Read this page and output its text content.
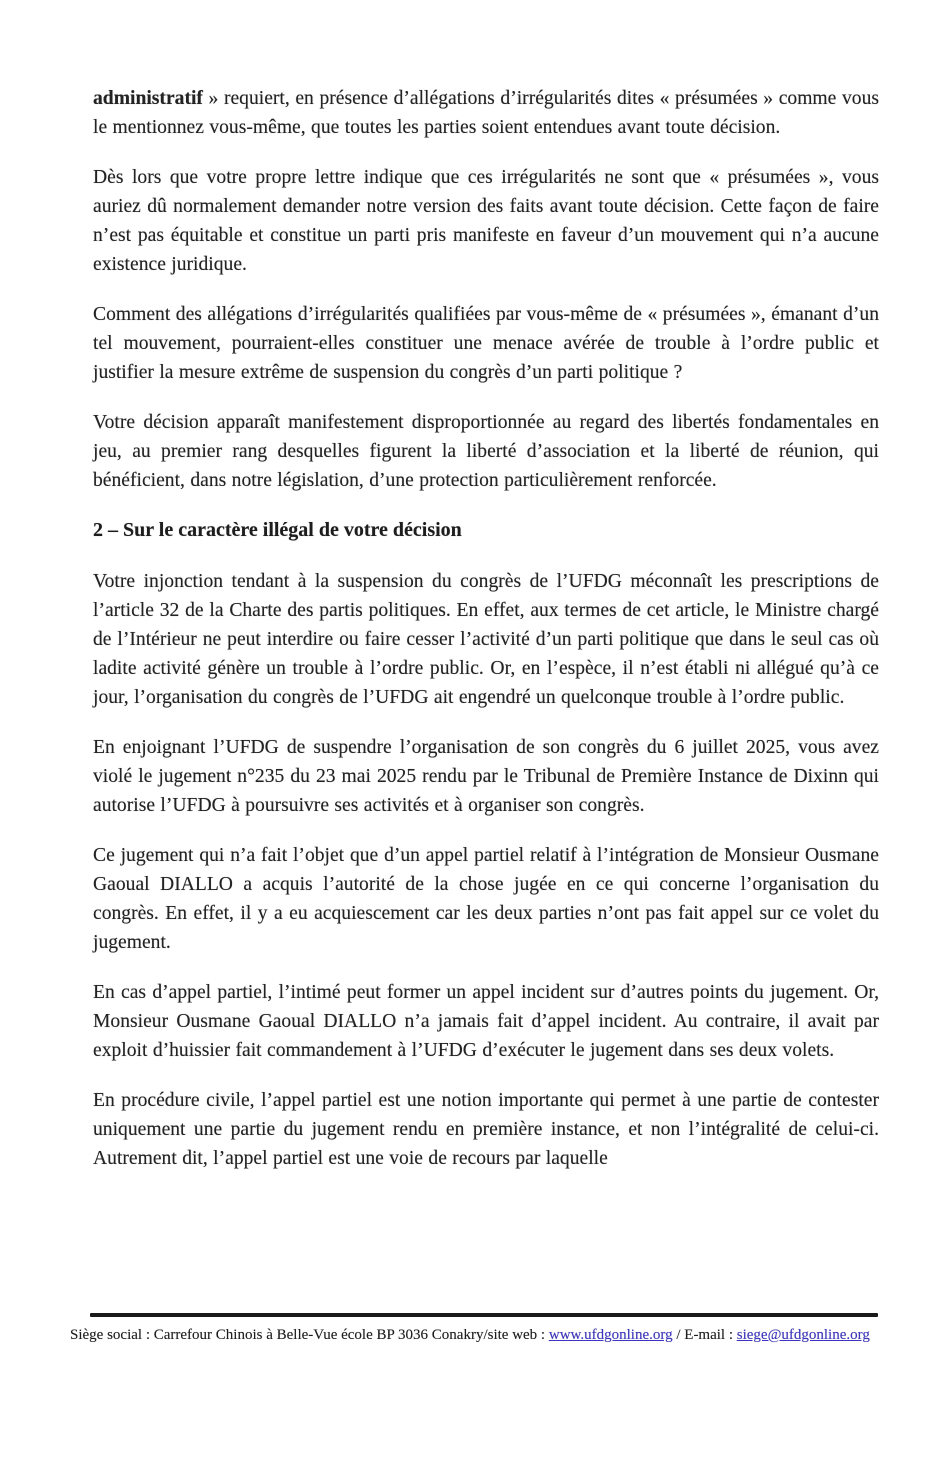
administratif » requiert, en présence d’allégations d’irrégularités dites « présumées » comme vous le mentionnez vous-même, que toutes les parties soient entendues avant toute décision.

Dès lors que votre propre lettre indique que ces irrégularités ne sont que « présumées », vous auriez dû normalement demander notre version des faits avant toute décision. Cette façon de faire n’est pas équitable et constitue un parti pris manifeste en faveur d’un mouvement qui n’a aucune existence juridique.

Comment des allégations d’irrégularités qualifiées par vous-même de « présumées », émanant d’un tel mouvement, pourraient-elles constituer une menace avérée de trouble à l’ordre public et justifier la mesure extrême de suspension du congrès d’un parti politique ?

Votre décision apparaît manifestement disproportionnée au regard des libertés fondamentales en jeu, au premier rang desquelles figurent la liberté d’association et la liberté de réunion, qui bénéficient, dans notre législation, d’une protection particulièrement renforcée.

2 – Sur le caractère illégal de votre décision

Votre injonction tendant à la suspension du congrès de l’UFDG méconnaît les prescriptions de l’article 32 de la Charte des partis politiques. En effet, aux termes de cet article, le Ministre chargé de l’Intérieur ne peut interdire ou faire cesser l’activité d’un parti politique que dans le seul cas où ladite activité génère un trouble à l’ordre public. Or, en l’espèce, il n’est établi ni allégué qu’à ce jour, l’organisation du congrès de l’UFDG ait engendré un quelconque trouble à l’ordre public.

En enjoignant l’UFDG de suspendre l’organisation de son congrès du 6 juillet 2025, vous avez violé le jugement n°235 du 23 mai 2025 rendu par le Tribunal de Première Instance de Dixinn qui autorise l’UFDG à poursuivre ses activités et à organiser son congrès.

Ce jugement qui n’a fait l’objet que d’un appel partiel relatif à l’intégration de Monsieur Ousmane Gaoual DIALLO a acquis l’autorité de la chose jugée en ce qui concerne l’organisation du congrès. En effet, il y a eu acquiescement car les deux parties n’ont pas fait appel sur ce volet du jugement.

En cas d’appel partiel, l’intimé peut former un appel incident sur d’autres points du jugement. Or, Monsieur Ousmane Gaoual DIALLO n’a jamais fait d’appel incident. Au contraire, il avait par exploit d’huissier fait commandement à l’UFDG d’exécuter le jugement dans ses deux volets.

En procédure civile, l’appel partiel est une notion importante qui permet à une partie de contester uniquement une partie du jugement rendu en première instance, et non l’intégralité de celui-ci. Autrement dit, l’appel partiel est une voie de recours par laquelle

Siège social : Carrefour Chinois à Belle-Vue école BP 3036 Conakry/site web : www.ufdgonline.org / E-mail : siege@ufdgonline.org
